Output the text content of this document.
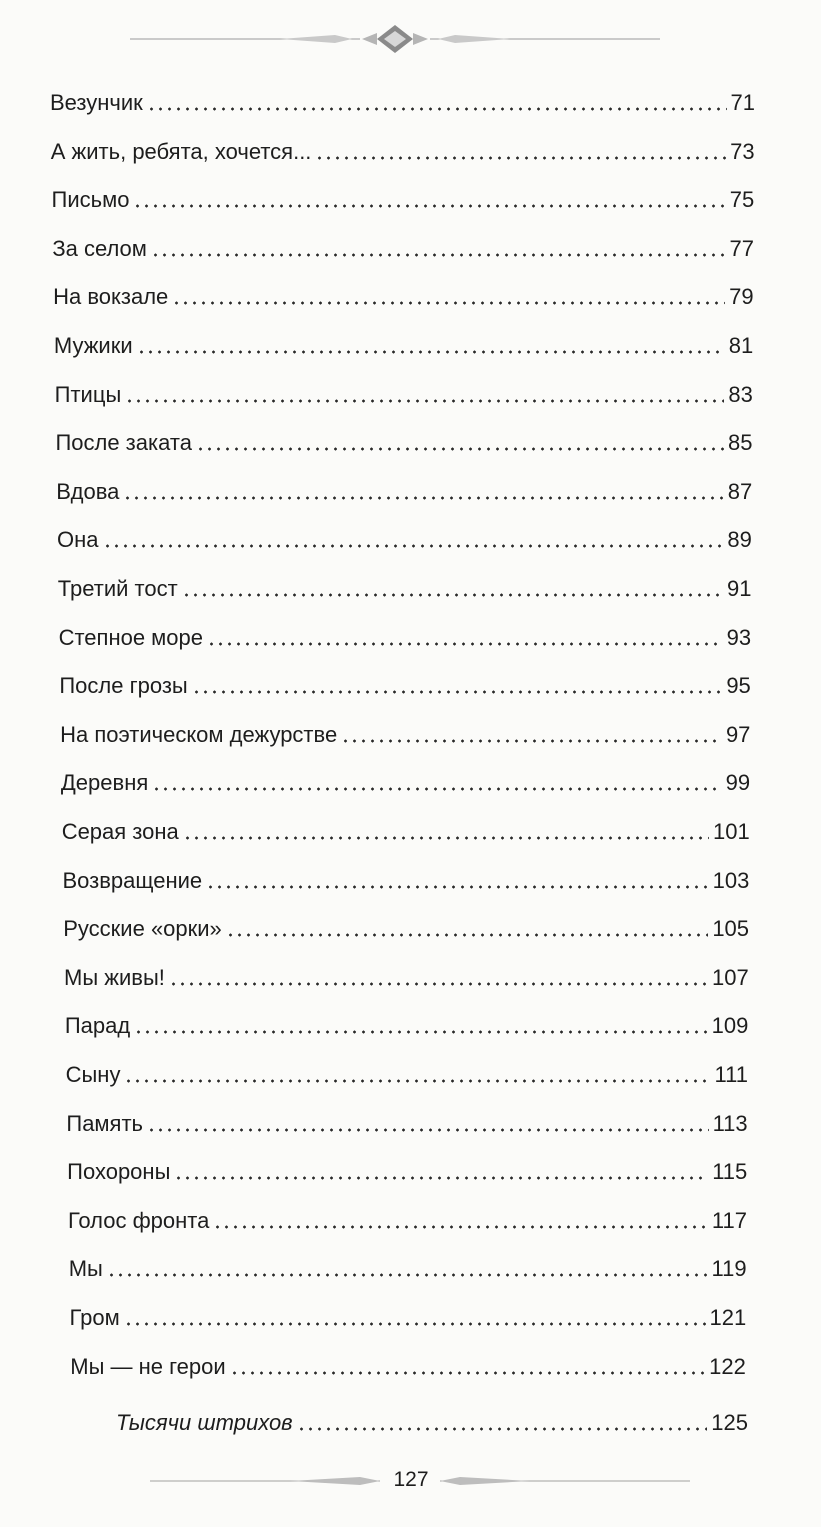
Везунчик	71
А жить, ребята, хочется...	73
Письмо	75
За селом	77
На вокзале	79
Мужики	81
Птицы	83
После заката	85
Вдова	87
Она	89
Третий тост	91
Степное море	93
После грозы	95
На поэтическом дежурстве	97
Деревня	99
Серая зона	101
Возвращение	103
Русские «орки»	105
Мы живы!	107
Парад	109
Сыну	111
Память	113
Похороны	115
Голос фронта	117
Мы	119
Гром	121
Мы — не герои	122
Тысячи штрихов	125
127
